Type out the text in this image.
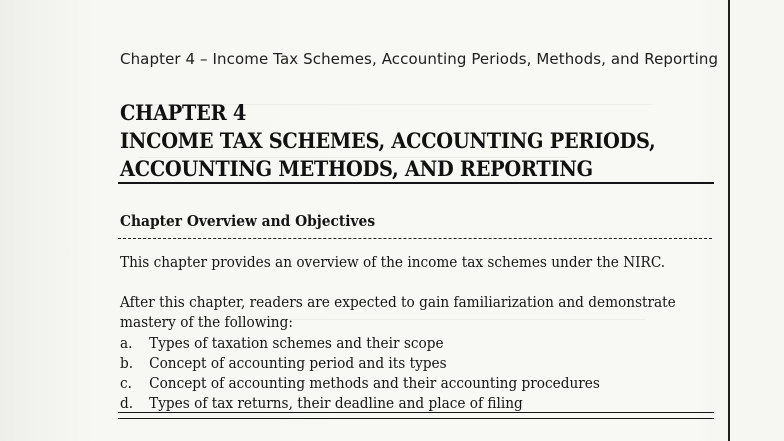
Chapter 4 – Income Tax Schemes, Accounting Periods, Methods, and Reporting
CHAPTER 4
INCOME TAX SCHEMES, ACCOUNTING PERIODS,
ACCOUNTING METHODS, AND REPORTING
Chapter Overview and Objectives
This chapter provides an overview of the income tax schemes under the NIRC.
After this chapter, readers are expected to gain familiarization and demonstrate
mastery of the following:
a. Types of taxation schemes and their scope
b. Concept of accounting period and its types
c. Concept of accounting methods and their accounting procedures
d. Types of tax returns, their deadline and place of filing
